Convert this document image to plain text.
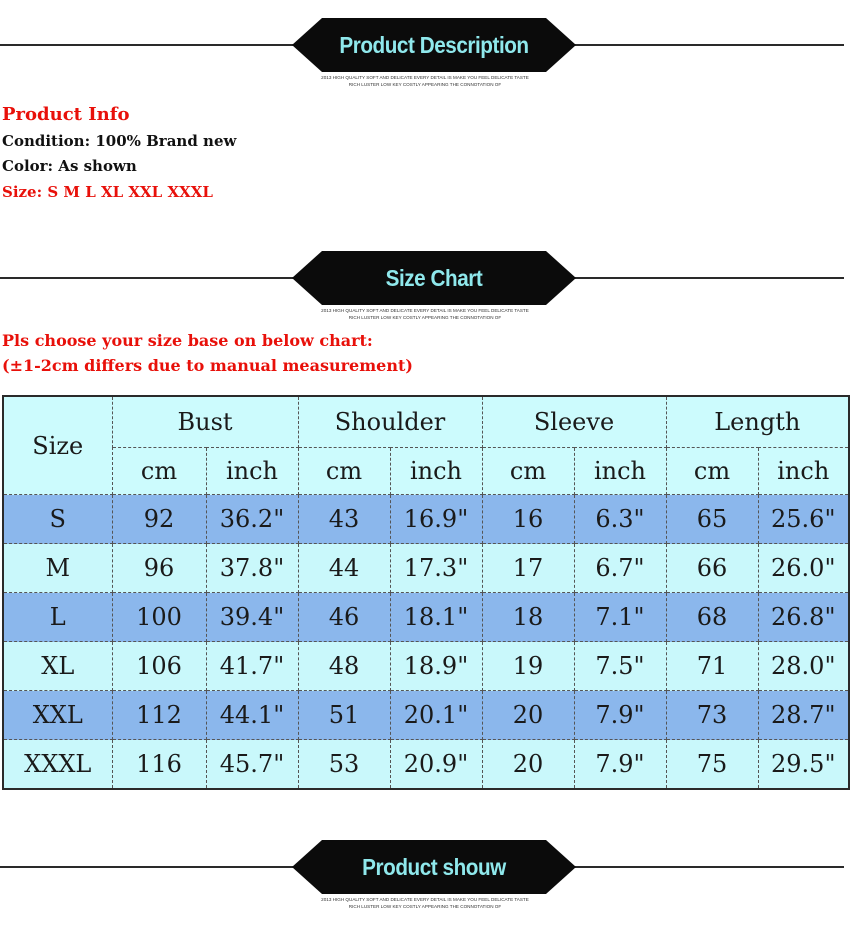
Product Description
2013 HIGH QUALITY SOFT AND DELICATE EVERY DETAIL IS MAKE YOU FEEL DELICATE TASTE
RICH LUSTER LOW KEY COSTLY APPEARING THE CONNOTATION OF
Product Info
Condition: 100% Brand new
Color: As shown
Size: S M L XL XXL XXXL
Size Chart
2013 HIGH QUALITY SOFT AND DELICATE EVERY DETAIL IS MAKE YOU FEEL DELICATE TASTE
RICH LUSTER LOW KEY COSTLY APPEARING THE CONNOTATION OF
Pls choose your size base on below chart:
(±1-2cm differs due to manual measurement)
Size	Bust		Shoulder		Sleeve		Length	
	cm	inch	cm	inch	cm	inch	cm	inch
S	92	36.2"	43	16.9"	16	6.3"	65	25.6"
M	96	37.8"	44	17.3"	17	6.7"	66	26.0"
L	100	39.4"	46	18.1"	18	7.1"	68	26.8"
XL	106	41.7"	48	18.9"	19	7.5"	71	28.0"
XXL	112	44.1"	51	20.1"	20	7.9"	73	28.7"
XXXL	116	45.7"	53	20.9"	20	7.9"	75	29.5"
Product shouw
2013 HIGH QUALITY SOFT AND DELICATE EVERY DETAIL IS MAKE YOU FEEL DELICATE TASTE
RICH LUSTER LOW KEY COSTLY APPEARING THE CONNOTATION OF
